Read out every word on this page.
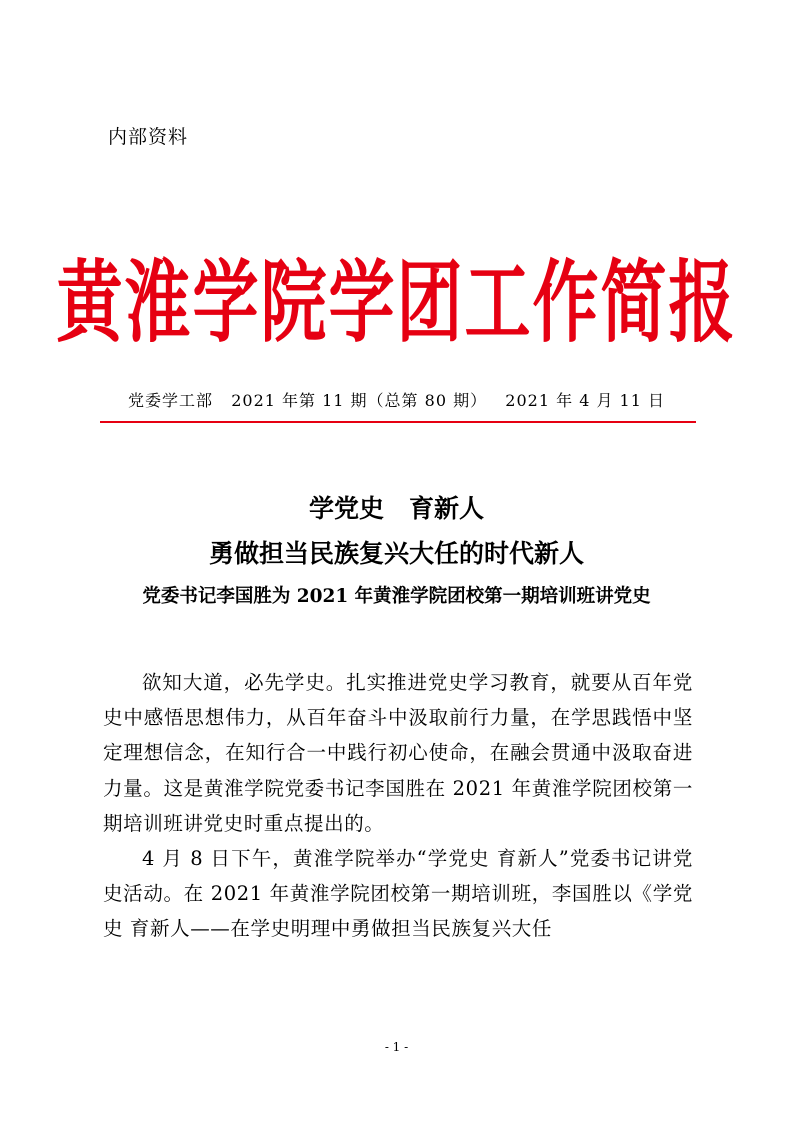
内部资料
黄淮学院学团工作简报
党委学工部 2021 年第 11 期（总第 80 期） 2021 年 4 月 11 日
学党史　育新人
勇做担当民族复兴大任的时代新人
党委书记李国胜为 2021 年黄淮学院团校第一期培训班讲党史

欲知大道，必先学史。扎实推进党史学习教育，就要从百年党史中感悟思想伟力，从百年奋斗中汲取前行力量，在学思践悟中坚定理想信念，在知行合一中践行初心使命，在融会贯通中汲取奋进力量。这是黄淮学院党委书记李国胜在 2021 年黄淮学院团校第一期培训班讲党史时重点提出的。

4 月 8 日下午，黄淮学院举办“学党史 育新人”党委书记讲党史活动。在 2021 年黄淮学院团校第一期培训班，李国胜以《学党史 育新人——在学史明理中勇做担当民族复兴大任

- 1 -
